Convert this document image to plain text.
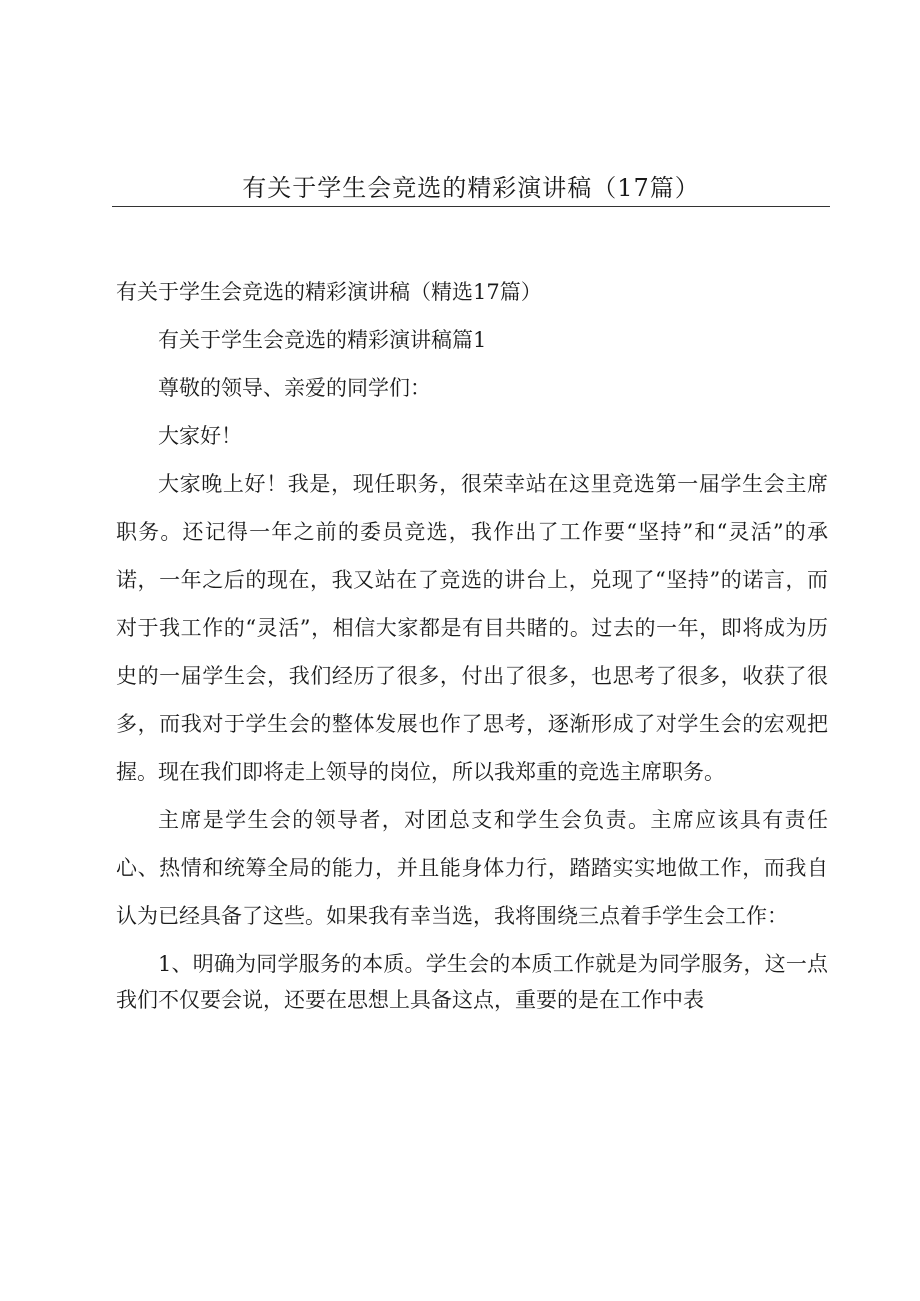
有关于学生会竞选的精彩演讲稿（17篇）

有关于学生会竞选的精彩演讲稿（精选17篇）

有关于学生会竞选的精彩演讲稿篇1

尊敬的领导、亲爱的同学们：

大家好！

大家晚上好！我是，现任职务，很荣幸站在这里竞选第一届学生会主席职务。还记得一年之前的委员竞选，我作出了工作要“坚持”和“灵活”的承诺，一年之后的现在，我又站在了竞选的讲台上，兑现了“坚持”的诺言，而对于我工作的“灵活”，相信大家都是有目共睹的。过去的一年，即将成为历史的一届学生会，我们经历了很多，付出了很多，也思考了很多，收获了很多，而我对于学生会的整体发展也作了思考，逐渐形成了对学生会的宏观把握。现在我们即将走上领导的岗位，所以我郑重的竞选主席职务。

主席是学生会的领导者，对团总支和学生会负责。主席应该具有责任心、热情和统筹全局的能力，并且能身体力行，踏踏实实地做工作，而我自认为已经具备了这些。如果我有幸当选，我将围绕三点着手学生会工作：

1、明确为同学服务的本质。学生会的本质工作就是为同学服务，这一点我们不仅要会说，还要在思想上具备这点，重要的是在工作中表
